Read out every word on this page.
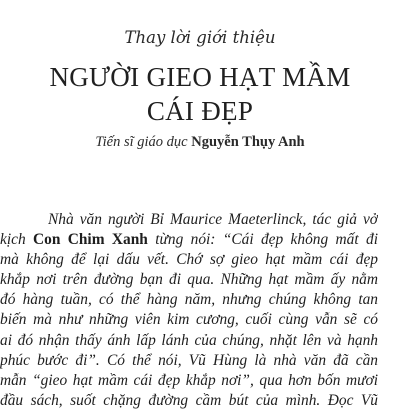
Thay lời giới thiệu
NGƯỜI GIEO HẠT MẦM
CÁI ĐẸP
Tiến sĩ giáo dục Nguyễn Thụy Anh
Nhà văn người Bỉ Maurice Maeterlinck, tác giả vở
kịch Con Chim Xanh từng nói: “Cái đẹp không mất đi
mà không để lại dấu vết. Chớ sợ gieo hạt mầm cái đẹp
khắp nơi trên đường bạn đi qua. Những hạt mầm ấy nằm
đó hàng tuần, có thể hàng năm, nhưng chúng không tan
biến mà như những viên kim cương, cuối cùng vẫn sẽ có
ai đó nhận thấy ánh lấp lánh của chúng, nhặt lên và hạnh
phúc bước đi”. Có thể nói, Vũ Hùng là nhà văn đã cần
mẫn “gieo hạt mầm cái đẹp khắp nơi”, qua hơn bốn mươi
đầu sách, suốt chặng đường cầm bút của mình. Đọc Vũ
